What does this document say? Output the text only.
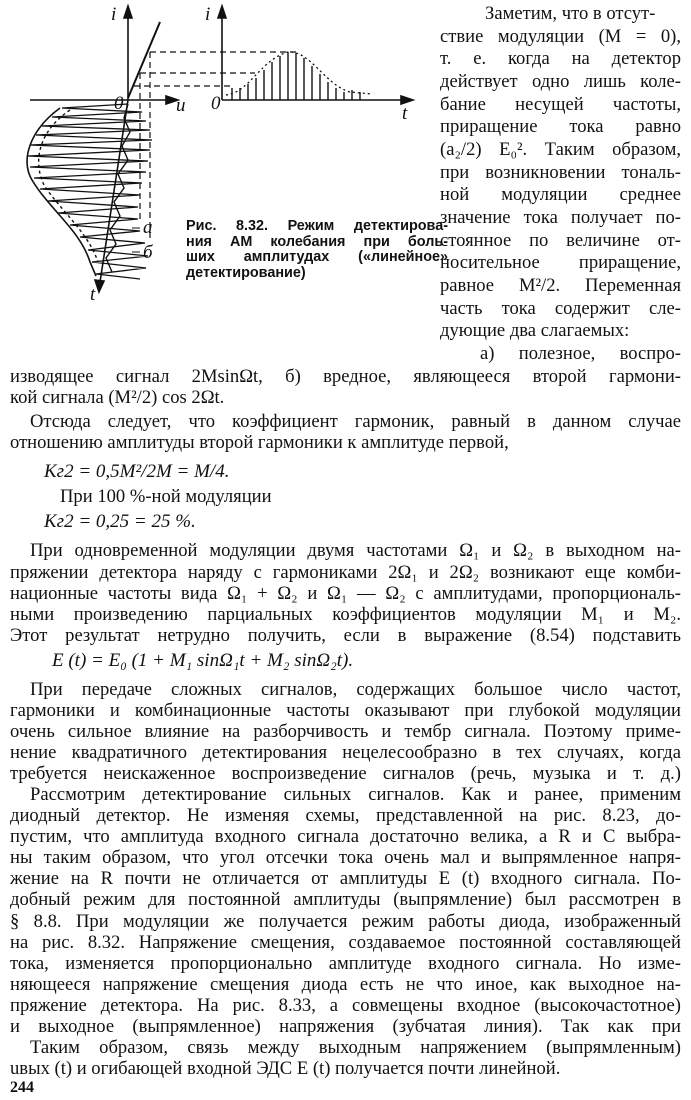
i	i
u	t
t
0	0
а
б
Рис. 8.32. Режим детектирова-
ния АМ колебания при боль-
ших амплитудах («линейное»
детектирование)
Заметим, что в отсут-
ствие модуляции (M = 0),
т. е. когда на детектор
действует одно лишь коле-
бание несущей частоты,
приращение тока равно
(a₂/2) E₀². Таким образом,
при возникновении тональ-
ной модуляции среднее
значение тока получает по-
стоянное по величине от-
носительное приращение,
равное M²/2. Переменная
часть тока содержит сле-
дующие два слагаемых:
а) полезное, воспро-
изводящее сигнал 2MsinΩt, б) вредное, являющееся второй гармони-
кой сигнала (M²/2) cos 2Ωt.
Отсюда следует, что коэффициент гармоник, равный в данном случае
отношению амплитуды второй гармоники к амплитуде первой,
Kг2 = 0,5M²/2M = M/4.
При 100 %-ной модуляции
Kг2 = 0,25 = 25 %.
При одновременной модуляции двумя частотами Ω₁ и Ω₂ в выходном на-
пряжении детектора наряду с гармониками 2Ω₁ и 2Ω₂ возникают еще комби-
национные частоты вида Ω₁ + Ω₂ и Ω₁ — Ω₂ с амплитудами, пропорциональ-
ными произведению парциальных коэффициентов модуляции M₁ и M₂.
Этот результат нетрудно получить, если в выражение (8.54) подставить
E (t) = E₀ (1 + M₁ sinΩ₁t + M₂ sinΩ₂t).
При передаче сложных сигналов, содержащих большое число частот,
гармоники и комбинационные частоты оказывают при глубокой модуляции
очень сильное влияние на разборчивость и тембр сигнала. Поэтому приме-
нение квадратичного детектирования нецелесообразно в тех случаях, когда
требуется неискаженное воспроизведение сигналов (речь, музыка и т. д.)
Рассмотрим детектирование сильных сигналов. Как и ранее, применим
диодный детектор. Не изменяя схемы, представленной на рис. 8.23, до-
пустим, что амплитуда входного сигнала достаточно велика, а R и C выбра-
ны таким образом, что угол отсечки тока очень мал и выпрямленное напря-
жение на R почти не отличается от амплитуды E (t) входного сигнала. По-
добный режим для постоянной амплитуды (выпрямление) был рассмотрен в
§ 8.8. При модуляции же получается режим работы диода, изображенный
на рис. 8.32. Напряжение смещения, создаваемое постоянной составляющей
тока, изменяется пропорционально амплитуде входного сигнала. Но изме-
няющееся напряжение смещения диода есть не что иное, как выходное на-
пряжение детектора. На рис. 8.33, а совмещены входное (высокочастотное)
и выходное (выпрямленное) напряжения (зубчатая линия). Так как при
Таким образом, связь между выходным напряжением (выпрямленным)
uвых (t) и огибающей входной ЭДС E (t) получается почти линейной.
244
